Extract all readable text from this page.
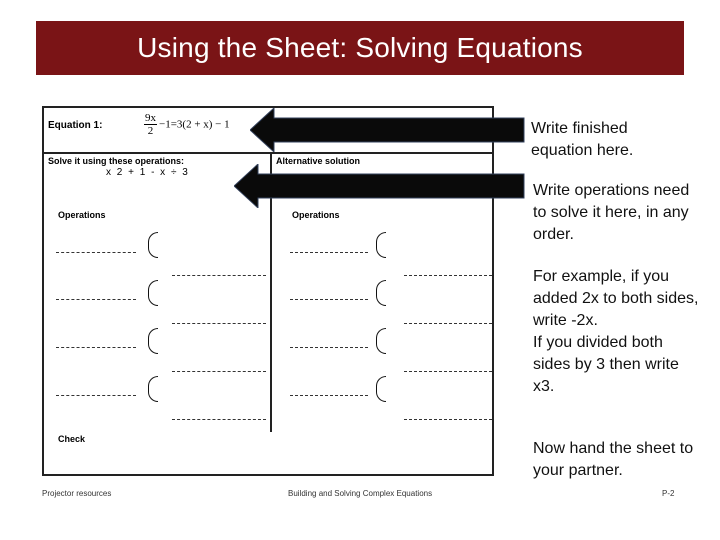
Using the Sheet: Solving Equations
Equation 1:	$\frac{9x}{2} -1=3(2 + x) - 1$
Solve it using these operations:
x 2 + 1 - x ÷ 3
Alternative solution
Operations	Operations
Check
Write finished equation here.
Write operations need to solve it here, in any order.
For example, if you added 2x to both sides, write -2x.
If you divided both sides by 3 then write x3.
Now hand the sheet to your partner.
Projector resources	Building and Solving Complex Equations	P-2
